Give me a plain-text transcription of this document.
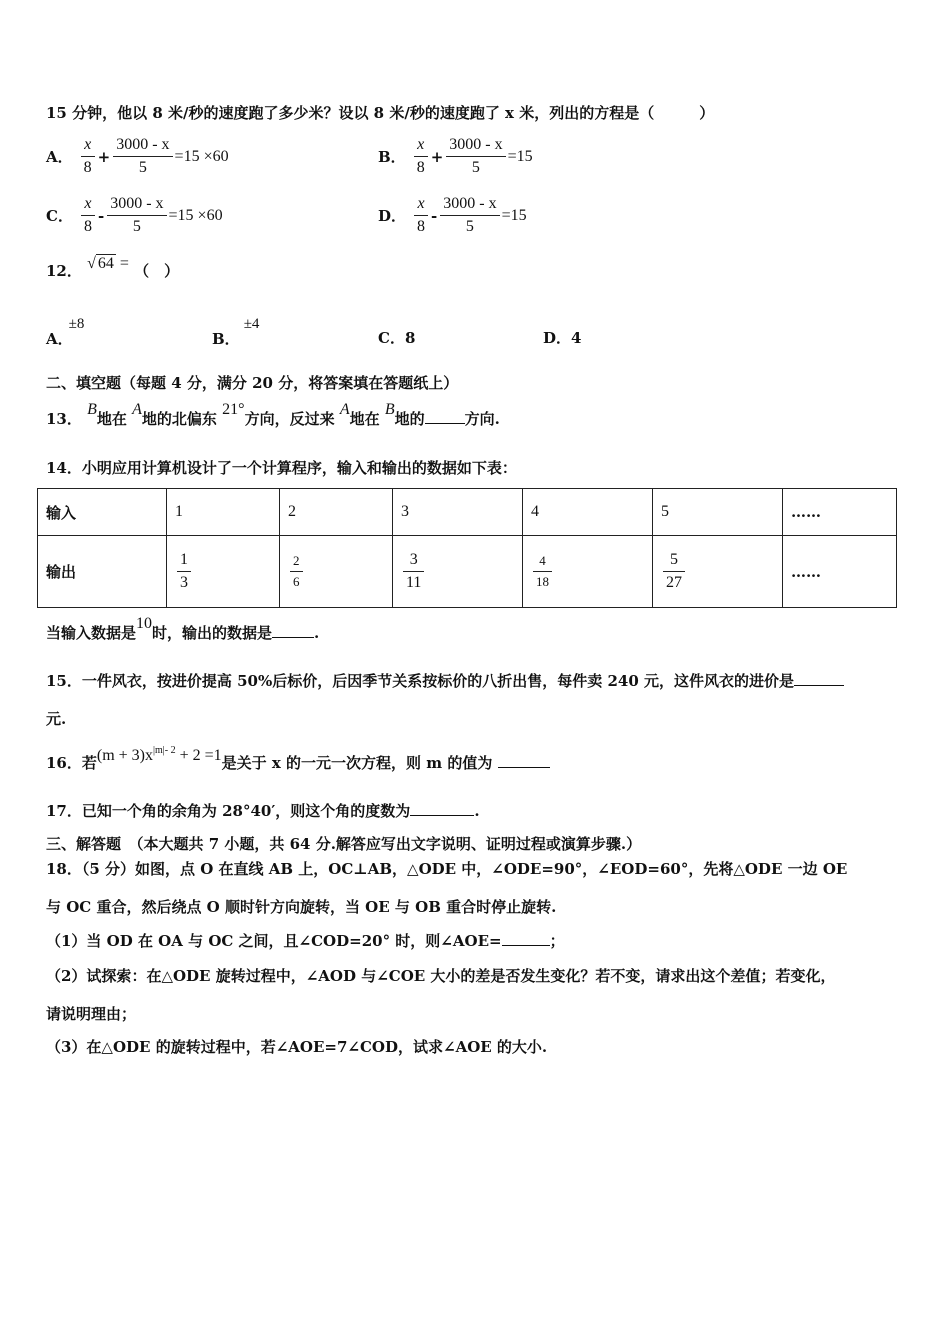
15 分钟，他以 8 米/秒的速度跑了多少米？设以 8 米/秒的速度跑了 x 米，列出的方程是（　　　）
A． $\frac{x}{8} + \frac{3000 - x}{5} =15 \times 60$	B． $\frac{x}{8} + \frac{3000 - x}{5} =15$
C． $\frac{x}{8} - \frac{3000 - x}{5} =15 \times 60$	D． $\frac{x}{8} - \frac{3000 - x}{5} =15$
12． √ 64 = （　）
A．±8
B．±4
C．8	D．4
二、填空题（每题 4 分，满分 20 分，将答案填在答题纸上）
13． B地在 A地的北偏东 21°方向，反过来 A地在 B地的	方向.
14．小明应用计算机设计了一个计算程序，输入和输出的数据如下表：
输入	1	2	3	4	5	……
输出	$\frac{1}{3}$	$\frac{2}{6}$	$\frac{3}{11}$	$\frac{4}{18}$	$\frac{5}{27}$	……
当输入数据是10时，输出的数据是	.
15．一件风衣，按进价提高 50%后标价，后因季节关系按标价的八折出售，每件卖 240 元，这件风衣的进价是
元.
16．若$(m + 3)x^{|m|- 2} + 2 =1$是关于 x 的一元一次方程，则 m 的值为
17．已知一个角的余角为 28°40′，则这个角的度数为	.
三、解答题　（本大题共 7 小题，共 64 分.解答应写出文字说明、证明过程或演算步骤.）
18．（5 分）如图，点 O 在直线 AB 上，OC⊥AB，△ODE 中，∠ODE=90°，∠EOD=60°，先将△ODE 一边 OE
与 OC 重合，然后绕点 O 顺时针方向旋转，当 OE 与 OB 重合时停止旋转.
（1）当 OD 在 OA 与 OC 之间，且∠COD=20° 时，则∠AOE=	；
（2）试探索：在△ODE 旋转过程中，∠AOD 与∠COE 大小的差是否发生变化？若不变，请求出这个差值；若变化，
请说明理由；
（3）在△ODE 的旋转过程中，若∠AOE=7∠COD，试求∠AOE 的大小.
